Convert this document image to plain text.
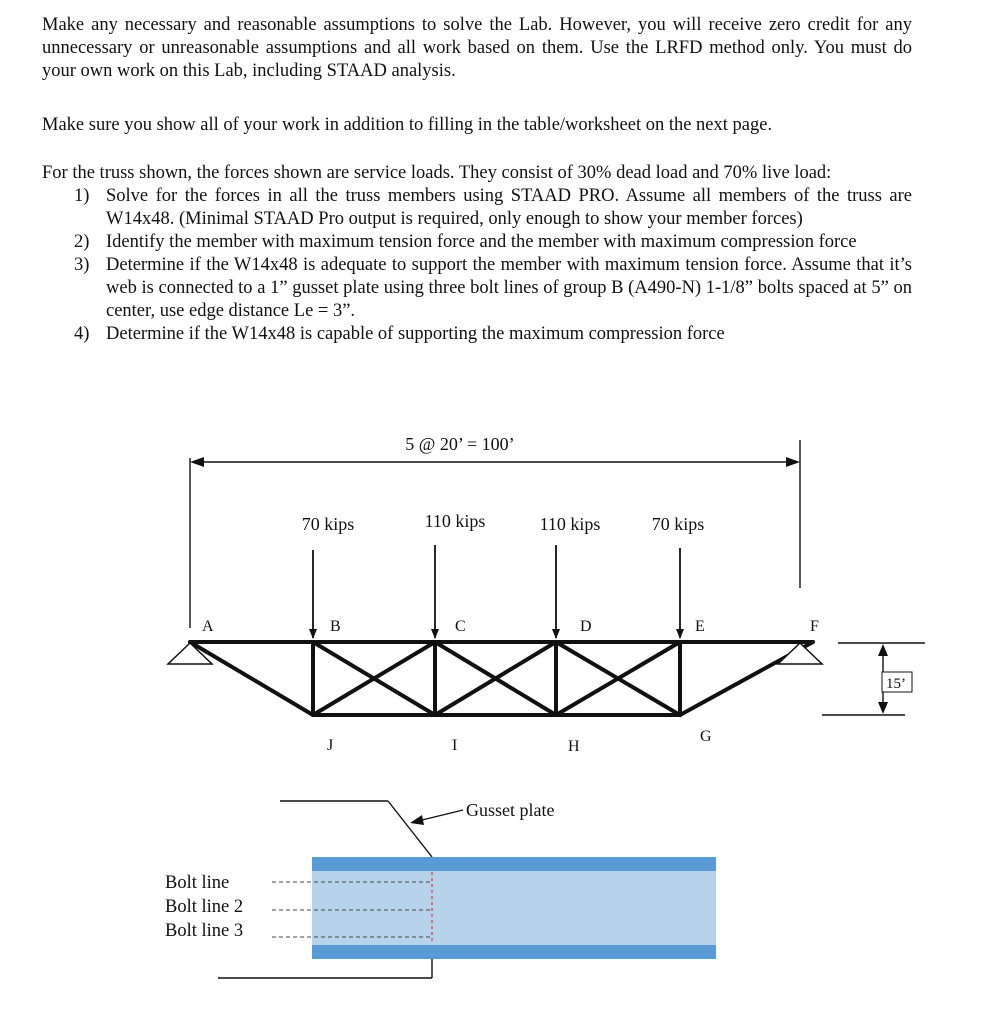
Make any necessary and reasonable assumptions to solve the Lab. However, you will receive zero credit for any unnecessary or unreasonable assumptions and all work based on them. Use the LRFD method only. You must do your own work on this Lab, including STAAD analysis.
Make sure you show all of your work in addition to filling in the table/worksheet on the next page.
For the truss shown, the forces shown are service loads. They consist of 30% dead load and 70% live load:
1) Solve for the forces in all the truss members using STAAD PRO. Assume all members of the truss are W14x48. (Minimal STAAD Pro output is required, only enough to show your member forces)
2) Identify the member with maximum tension force and the member with maximum compression force
3) Determine if the W14x48 is adequate to support the member with maximum tension force. Assume that it’s web is connected to a 1” gusset plate using three bolt lines of group B (A490-N) 1-1/8” bolts spaced at 5” on center, use edge distance Le = 3”.
4) Determine if the W14x48 is capable of supporting the maximum compression force
5 @ 20’ = 100’
70 kips	110 kips	110 kips	70 kips
A	B	C	D	E	F
J	I	H
G
15’
Gusset plate
Bolt line
Bolt line 2
Bolt line 3
